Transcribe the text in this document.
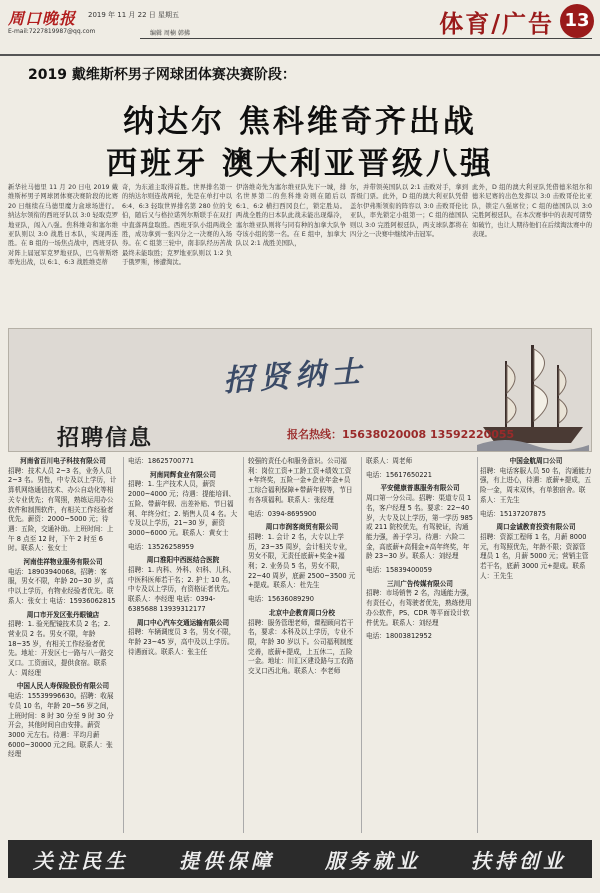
周口晚报 2019 年 11 月 22 日 星期五
E-mail:7227819987@qq.com	编辑 周楠 韩拂	体育/广告 13
2019 戴维斯杯男子网球团体赛决赛阶段：
纳达尔 焦科维奇齐出战
西班牙 澳大利亚晋级八强
新华社马德里 11 月 20 日电 2019 戴维斯杯男子网球团体赛决赛阶段的比赛 20 日继续在马德里魔力盒球场进行。纳达尔领衔的西班牙队以 3:0 轻取克罗地亚队，闯入八强。焦科维奇和塞尔维亚队则以 3:0 战胜日本队，实现两连胜。在 B 组的一场焦点战中，西班牙队对阵上届冠军克罗地亚队，巴乌蒂斯塔率先出战，以 6:1、6:3 战胜维克蒂
奇，为东道主取得首胜。世界排名第一的纳达尔则连战两轮，先是在单打中以 6:4、6:3 轻取世界排名第 280 位的戈伯，随后又与格拉诺列尔斯联手在双打中直落两盘取胜。西班牙队小组两战全胜，成功拿到一张四分之一决赛的入场券。在 C 组第三轮中，南非队经历苦战最终未能取胜；克罗地亚队则以 1:2 负于俄罗斯，惨遭淘汰。
伊洛维奇先为塞尔维亚队先下一城，排名世界第二的焦科维奇则在随后以 6:1、6:2 横扫西冈良仁，锁定胜局。两战全胜的日本队此战未能出现爆冷，塞尔维亚队则将与同有种的加拿大队争夺该小组的第一名。在 E 组中，加拿大队以 2:1 战胜美国队，
尔，并带领英国队以 2:1 击败对手，拿到晋级门票。此外，D 组的澳大利亚队凭借盖尔伊弗斯领衔的阵容以 3:0 击败哥伦比亚队，率先锁定小组第一；C 组的德国队则以 3:0 完胜阿根廷队，两支球队都将在四分之一决赛中继续冲击冠军。
此外，D 组的澳大利亚队凭借德米纽尔和德米尼赛的出色发挥以 3:0 击败哥伦比亚队，锁定八强席位；C 组的德国队以 3:0 完胜阿根廷队，在本次赛事中的表现可谓势如破竹，也让人期待他们在后续淘汰赛中的表现。
招贤纳士
招聘信息	报名热线：15638020008 13592220055
河南省百川电子科技有限公司
招聘：技术人员 2~3 名，业务人员 2~3 名。男性，中专及以上学历，计算机网络通信技术、办公自动化等相关专业优先；有驾照，熟练运用办公软件和制图软件，有相关工作经验者优先。薪资：2000~5000 元；待遇：五险，交通补助。上班时间：上午 8 点至 12 时，下午 2 时至 6 时。联系人：张女士
河南佳祥物业服务有限公司
电话：18903940068。招聘：客服，男女不限，年龄 20~30 岁，高中以上学历，有物业经验者优先。联系人：张女士 电话：15936062815
周口市开发区张丹眼镜店
招聘：1. 验光配镜技术员 2 名；2. 营业员 2 名。男女不限，年龄 18~35 岁，有相关工作经验者优先。地址：开发区七一路与八一路交叉口。工资面议，提供食宿。联系人：周经理
中国人民人寿保险股份有限公司
电话：15539996630。招聘：收展专员 10 名，年龄 20~56 岁之间，上班时间：8 时 30 分至 9 时 30 分开会，其他时间自由安排。薪资 3000 元左右。待遇：平均月薪 6000~30000 元之间。联系人：张经理
电话：18625700771
河南同辉食业有限公司
招聘：1. 生产技术人员，薪资 2000~4000 元；待遇：提能培训、五险、带薪年假、出差补贴、节日福利、年终分红；2. 销售人员 4 名。大专及以上学历，21~30 岁，薪资 3000~6000 元。联系人：黄女士
电话：13526258959
周口淮阳中西医结合医院
招聘：1. 内科、外科、妇科、儿科、中医科医师若干名；2. 护士 10 名，中专及以上学历，有资格证者优先。联系人：李经理 电话：0394-6385688 13939312177
周口中心汽车交通运输有限公司
招聘：车辆调度员 3 名，男女不限，年龄 23~45 岁，高中及以上学历。待遇面议。联系人：张主任
较强的责任心和服务意识。公司福利：岗位工资+工龄工资+绩效工资+年终奖，五险一金+企业年金+员工综合福利保障+带薪年假等，节日有各项福利。联系人：张经理
电话：0394-8695900
周口市润客商贸有限公司
招聘：1. 会计 2 名，大专以上学历，23~35 周岁，会计相关专业，男女不限，无责任底薪+奖金+福利；2. 业务员 5 名，男女不限，22~40 周岁，底薪 2500~3500 元+提成。联系人：杜先生
电话：15636089290
北京中企教育周口分校
招聘：服务管理老师，课程顾问若干名，要求：本科及以上学历，专业不限，年龄 30 岁以下。公司福利制度完善，底薪+提成，上五休二，五险一金。地址：川汇区建设路与工农路交叉口西北角。联系人：李老师
联系人：周老师
电话：15617650221
平安健康普惠服务有限公司
周口第一分公司。招聘：渠道专员 1 名，客户经理 5 名。要求：22~40 岁，大专及以上学历，第一学历 985 或 211 院校优先，有驾驶证，沟通能力强，善于学习。待遇：六险二金，高底薪+高佣金+高年终奖，年龄 23~30 岁。联系人：刘经理
电话：15839400059
三川广告传媒有限公司
招聘：市场销售 2 名，沟通能力强，有责任心，有驾驶者优先，熟练使用办公软件，PS、CDR 等平面设计软件优先。联系人：刘经理
电话：18003812952
中国金航周口公司
招聘：电话客服人员 50 名，沟通能力强，有上进心，待遇：底薪+提成，五险一金，周末双休，有单独宿舍。联系人：王先生
电话：15137207875
周口金诚教育投资有限公司
招聘：资源工程师 1 名，月薪 8000 元，有驾照优先，年龄不限；资源管理员 1 名，月薪 5000 元；营销主管若干名，底薪 3000 元+提成。联系人：王先生
关注民生	提供保障	服务就业	扶持创业
